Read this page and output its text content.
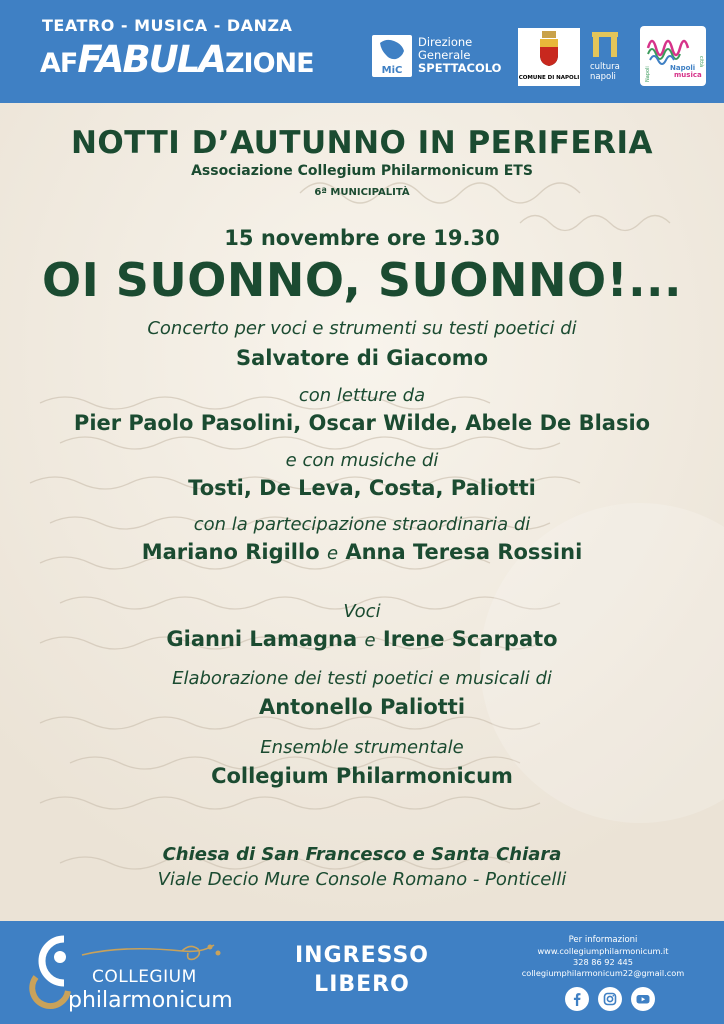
TEATRO - MUSICA - DANZA
AFFABULAZIONE	MiC
Direzione
Generale
SPETTACOLO
COMUNE DI NAPOLI
cultura
napoli
Napoli
musica
Napoli
città
NOTTI D’AUTUNNO IN PERIFERIA
Associazione Collegium Philarmonicum ETS
6ª MUNICIPALITÀ
15 novembre ore 19.30
OI SUONNO, SUONNO!...
Concerto per voci e strumenti su testi poetici di
Salvatore di Giacomo
con letture da
Pier Paolo Pasolini, Oscar Wilde, Abele De Blasio
e con musiche di
Tosti, De Leva, Costa, Paliotti
con la partecipazione straordinaria di
Mariano Rigillo e Anna Teresa Rossini
Voci
Gianni Lamagna e Irene Scarpato
Elaborazione dei testi poetici e musicali di
Antonello Paliotti
Ensemble strumentale
Collegium Philarmonicum
Chiesa di San Francesco e Santa Chiara
Viale Decio Mure Console Romano - Ponticelli
COLLEGIUM
philarmonicum
INGRESSO
LIBERO
Per informazioni
www.collegiumphilarmonicum.it
328 86 92 445
collegiumphilarmonicum22@gmail.com
